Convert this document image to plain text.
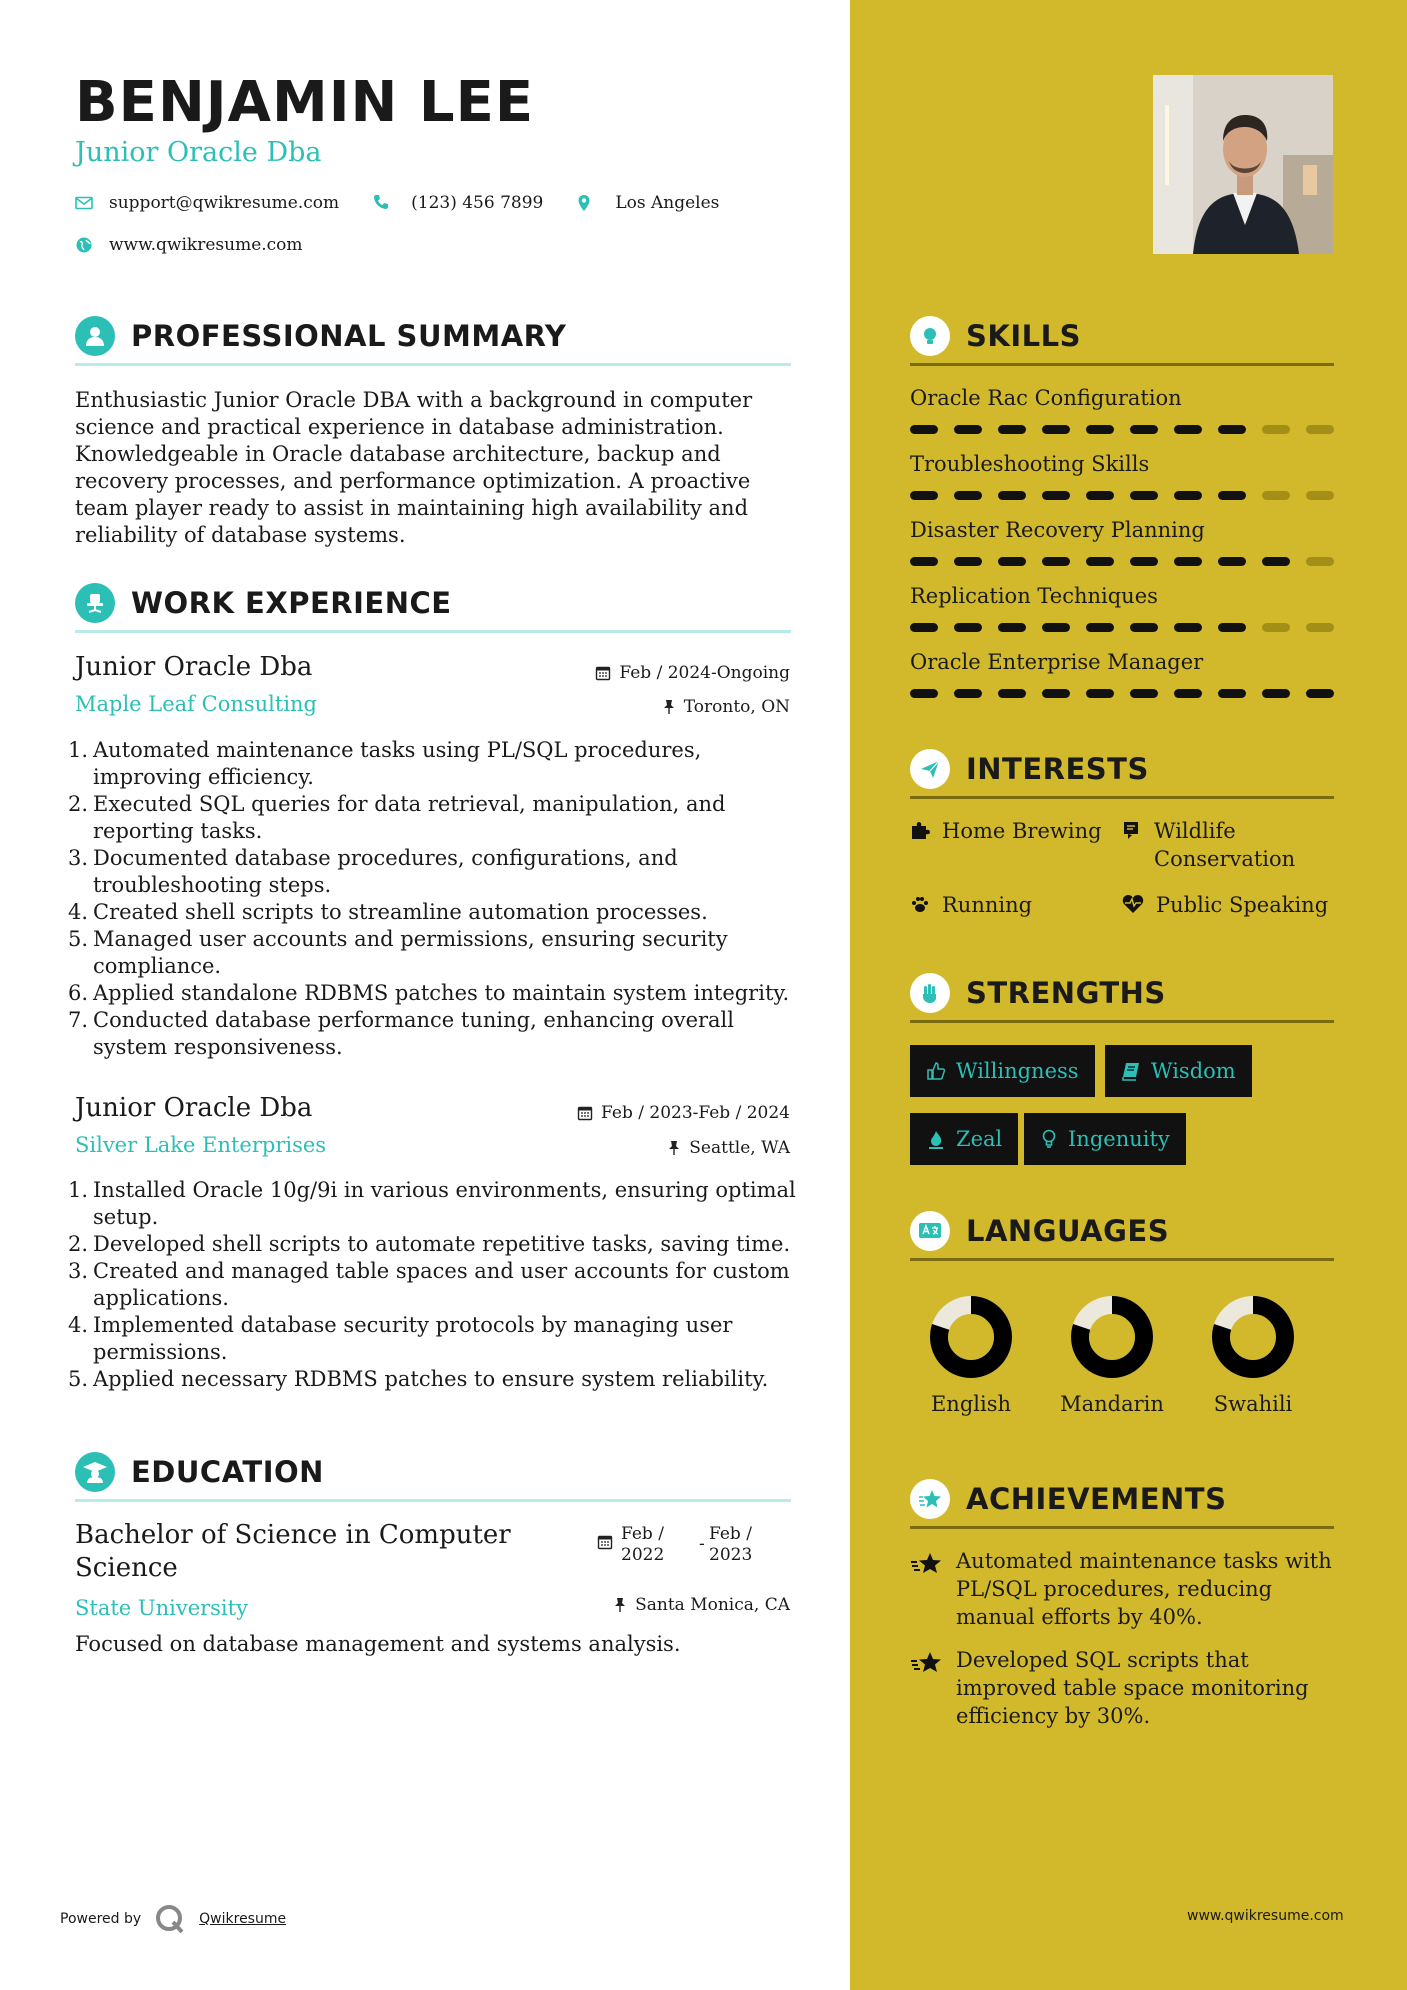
BENJAMIN LEE
Junior Oracle Dba
support@qwikresume.com	(123) 456 7899	Los Angeles
www.qwikresume.com
PROFESSIONAL SUMMARY
Enthusiastic Junior Oracle DBA with a background in computer science and practical experience in database administration. Knowledgeable in Oracle database architecture, backup and recovery processes, and performance optimization. A proactive team player ready to assist in maintaining high availability and reliability of database systems.
WORK EXPERIENCE
Junior Oracle Dba	Feb / 2024-Ongoing
Maple Leaf Consulting	Toronto, ON
1. Automated maintenance tasks using PL/SQL procedures, improving efficiency.
2. Executed SQL queries for data retrieval, manipulation, and reporting tasks.
3. Documented database procedures, configurations, and troubleshooting steps.
4. Created shell scripts to streamline automation processes.
5. Managed user accounts and permissions, ensuring security compliance.
6. Applied standalone RDBMS patches to maintain system integrity.
7. Conducted database performance tuning, enhancing overall system responsiveness.
Junior Oracle Dba	Feb / 2023-Feb / 2024
Silver Lake Enterprises	Seattle, WA
1. Installed Oracle 10g/9i in various environments, ensuring optimal setup.
2. Developed shell scripts to automate repetitive tasks, saving time.
3. Created and managed table spaces and user accounts for custom applications.
4. Implemented database security protocols by managing user permissions.
5. Applied necessary RDBMS patches to ensure system reliability.
EDUCATION
Bachelor of Science in Computer
Science
Feb /
2022
- Feb /
2023
State University	Santa Monica, CA
Focused on database management and systems analysis.
Powered by	Qwikresume
SKILLS
Oracle Rac Configuration
Troubleshooting Skills
Disaster Recovery Planning
Replication Techniques
Oracle Enterprise Manager
INTERESTS
Home Brewing Wildlife Conservation
Running	Public Speaking
STRENGTHS
Willingness	Wisdom
Zeal	Ingenuity
LANGUAGES
English	Mandarin	Swahili
ACHIEVEMENTS
Automated maintenance tasks with PL/SQL procedures, reducing manual efforts by 40%.
Developed SQL scripts that improved table space monitoring efficiency by 30%.
www.qwikresume.com
